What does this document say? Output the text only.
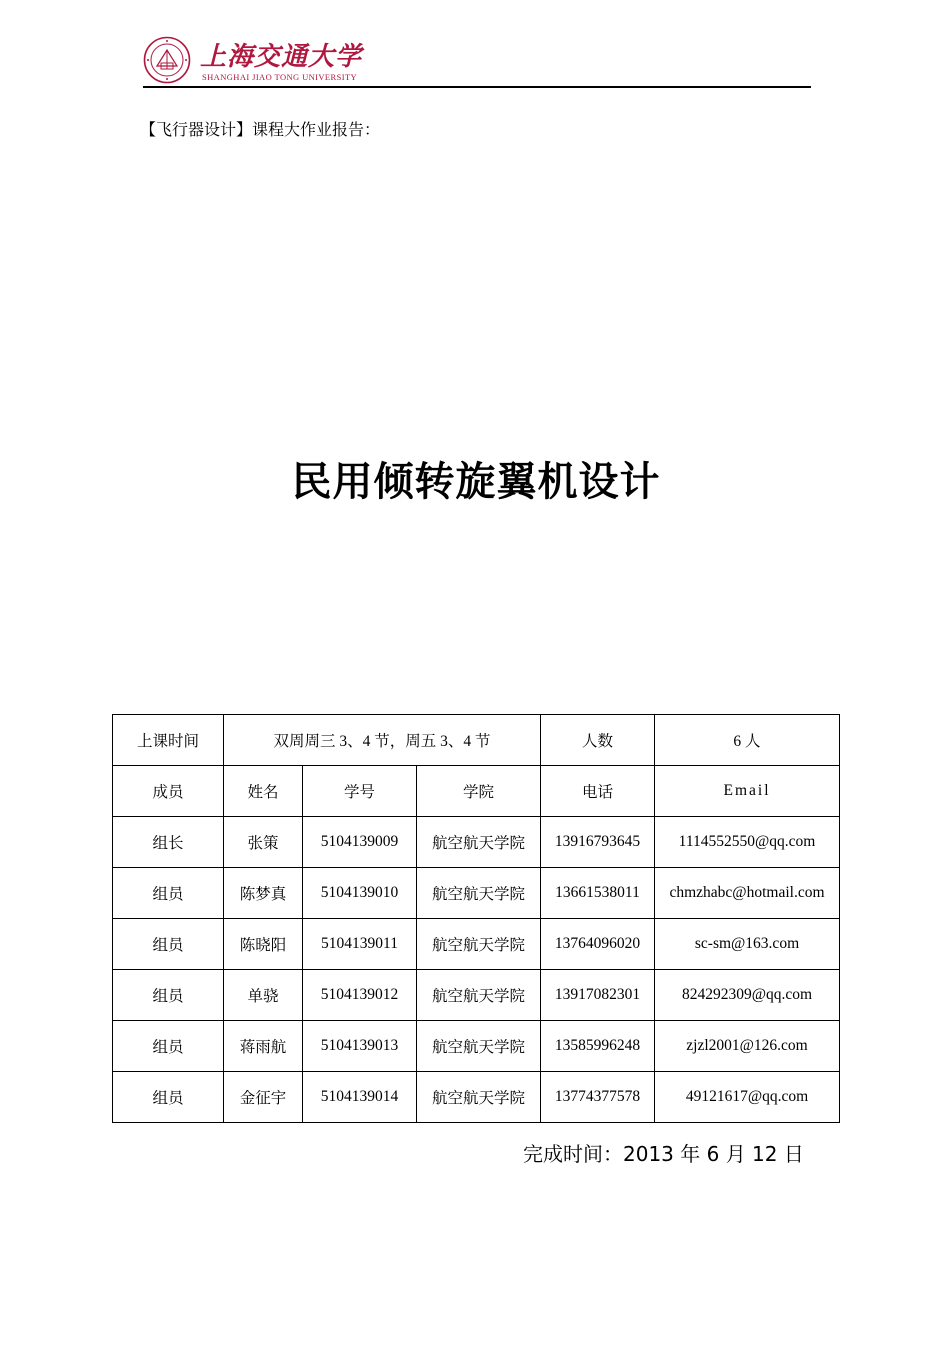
上海交通大学
SHANGHAI JIAO TONG UNIVERSITY
【飞行器设计】课程大作业报告：
民用倾转旋翼机设计
上课时间	双周周三 3、4 节，周五 3、4 节			人数	6 人
成员	姓名	学号	学院	电话	Email
组长	张策	5104139009	航空航天学院	13916793645	1114552550@qq.com
组员	陈梦真	5104139010	航空航天学院	13661538011	chmzhabc@hotmail.com
组员	陈晓阳	5104139011	航空航天学院	13764096020	sc-sm@163.com
组员	单骁	5104139012	航空航天学院	13917082301	824292309@qq.com
组员	蒋雨航	5104139013	航空航天学院	13585996248	zjzl2001@126.com
组员	金征宇	5104139014	航空航天学院	13774377578	49121617@qq.com
完成时间：2013 年 6 月 12 日
